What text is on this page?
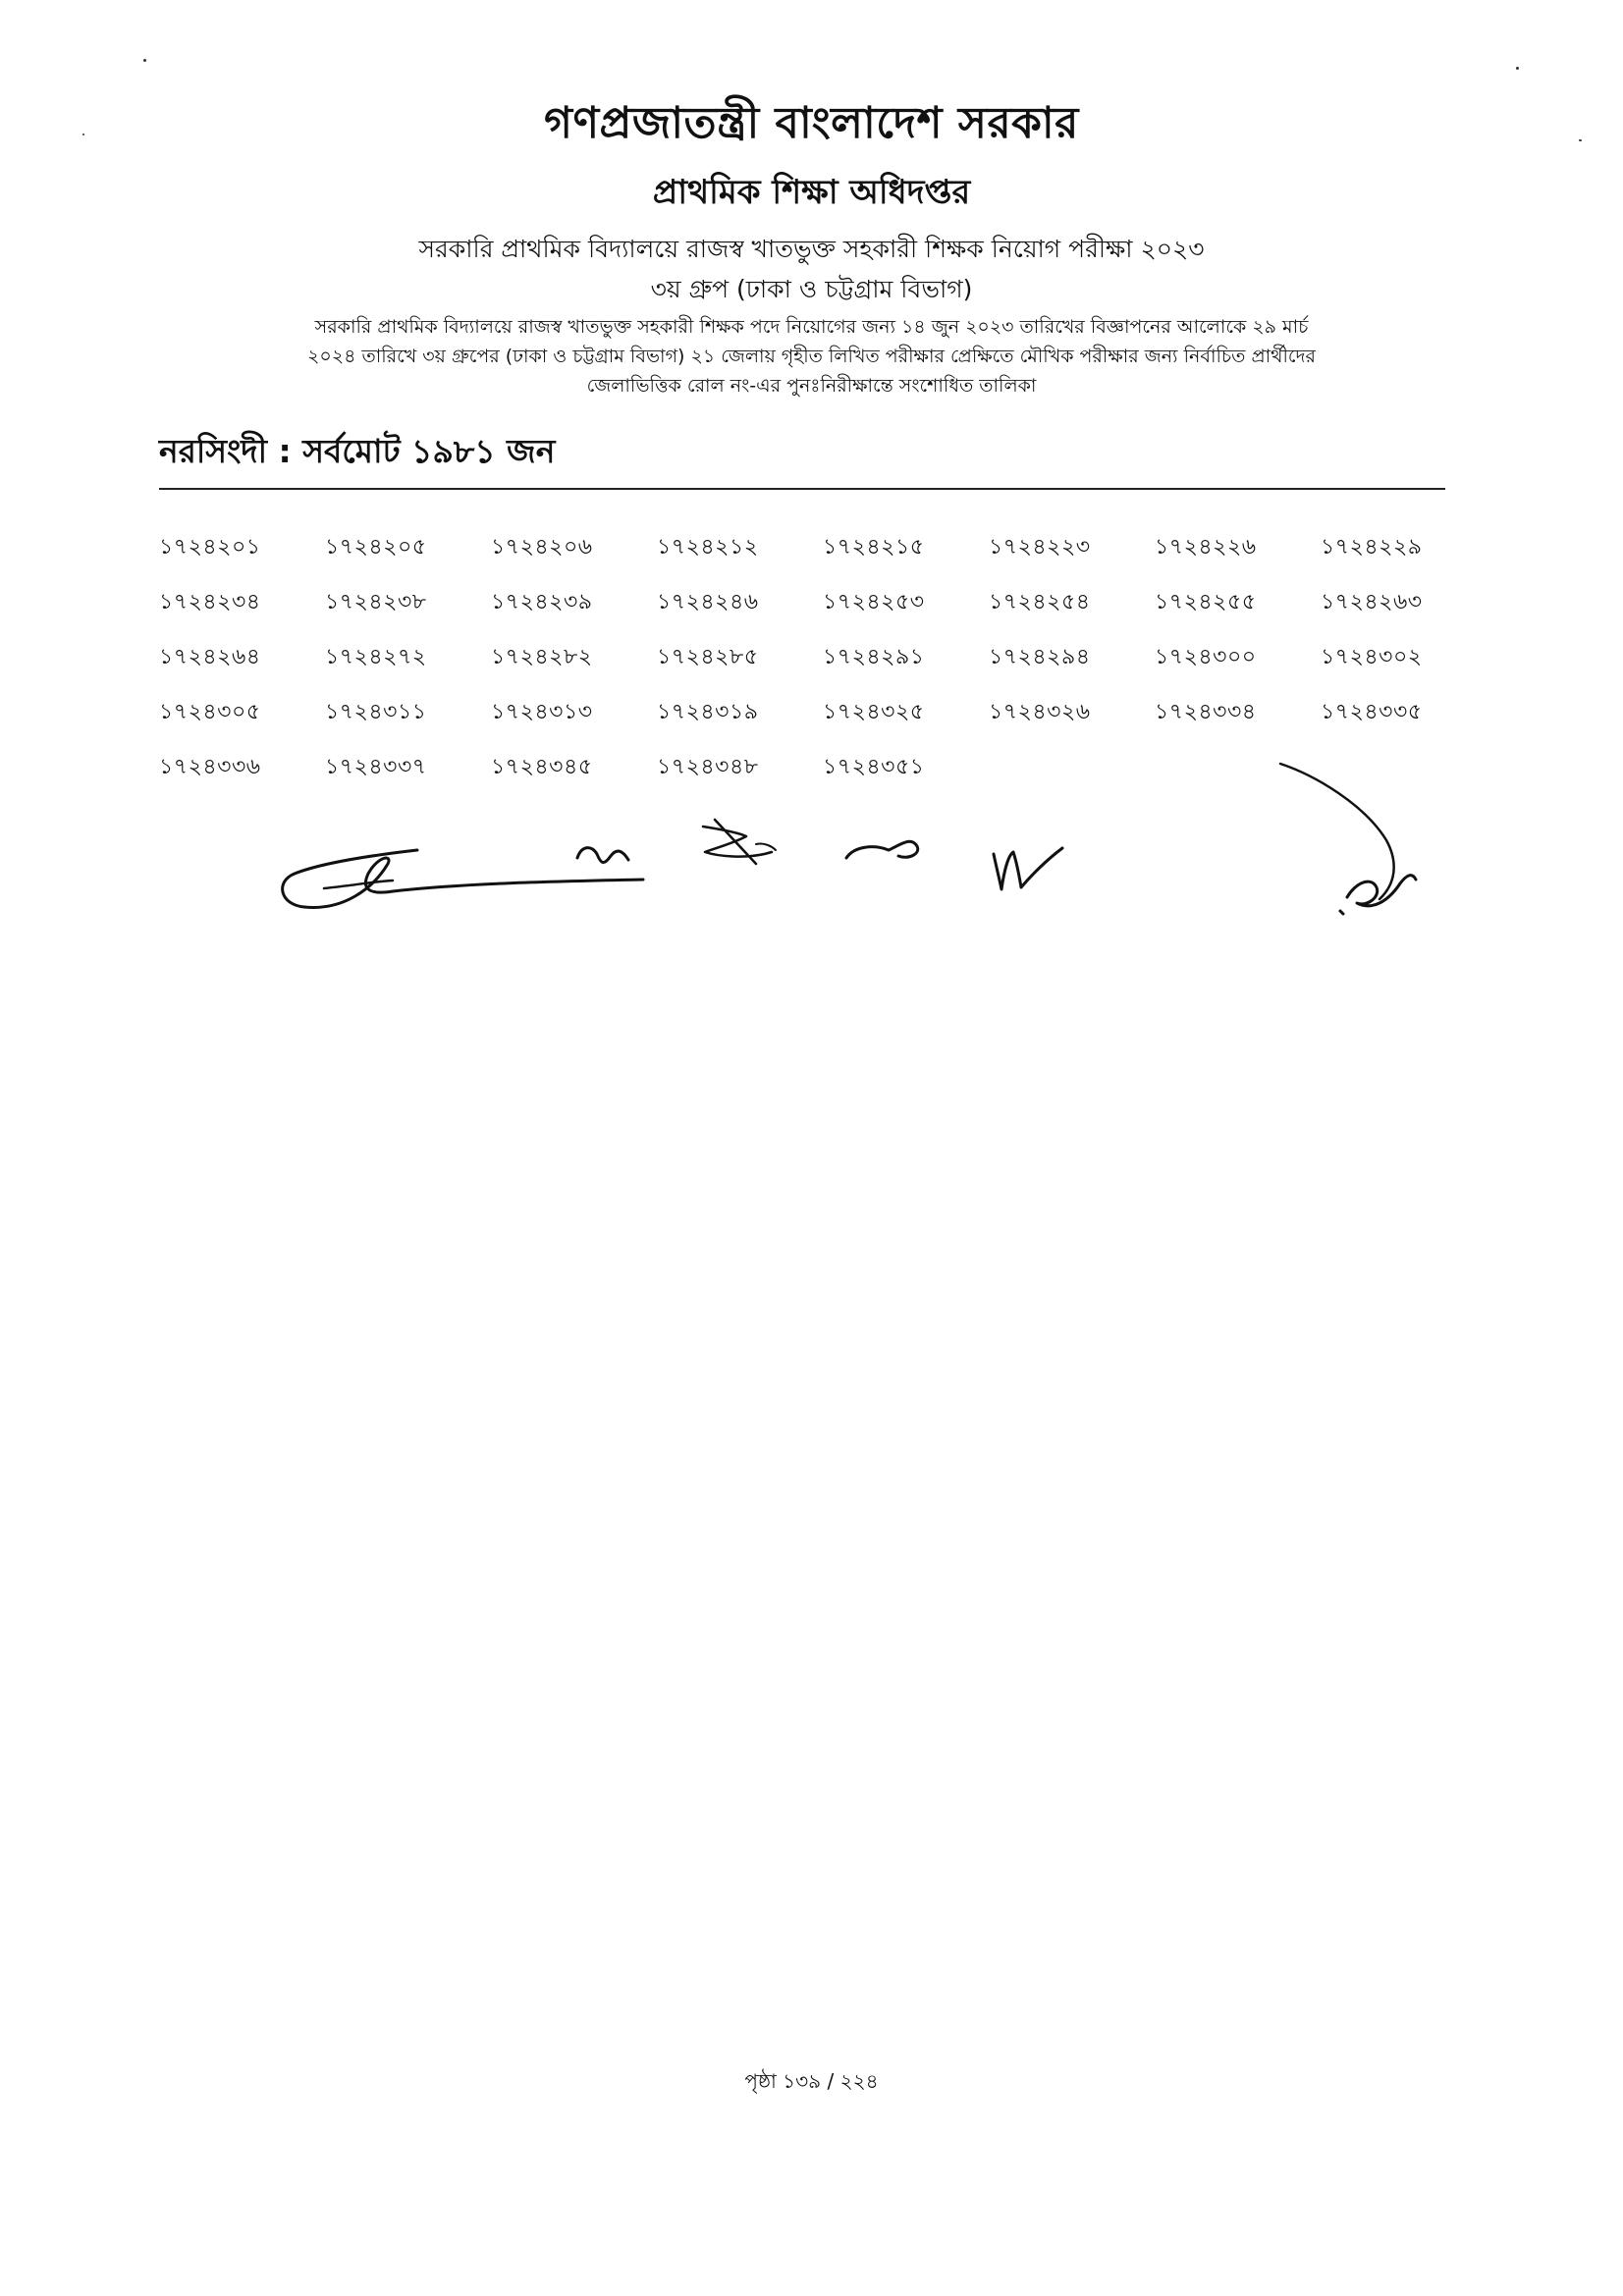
গণপ্রজাতন্ত্রী বাংলাদেশ সরকার
প্রাথমিক শিক্ষা অধিদপ্তর
সরকারি প্রাথমিক বিদ্যালয়ে রাজস্ব খাতভুক্ত সহকারী শিক্ষক নিয়োগ পরীক্ষা ২০২৩
৩য় গ্রুপ (ঢাকা ও চট্টগ্রাম বিভাগ)
সরকারি প্রাথমিক বিদ্যালয়ে রাজস্ব খাতভুক্ত সহকারী শিক্ষক পদে নিয়োগের জন্য ১৪ জুন ২০২৩ তারিখের বিজ্ঞাপনের আলোকে ২৯ মার্চ
২০২৪ তারিখে ৩য় গ্রুপের (ঢাকা ও চট্টগ্রাম বিভাগ) ২১ জেলায় গৃহীত লিখিত পরীক্ষার প্রেক্ষিতে মৌখিক পরীক্ষার জন্য নির্বাচিত প্রার্থীদের
জেলাভিত্তিক রোল নং-এর পুনঃনিরীক্ষান্তে সংশোধিত তালিকা
নরসিংদী : সর্বমোট ১৯৮১ জন
১৭২৪২০১	১৭২৪২০৫	১৭২৪২০৬	১৭২৪২১২	১৭২৪২১৫	১৭২৪২২৩	১৭২৪২২৬	১৭২৪২২৯
১৭২৪২৩৪	১৭২৪২৩৮	১৭২৪২৩৯	১৭২৪২৪৬	১৭২৪২৫৩	১৭২৪২৫৪	১৭২৪২৫৫	১৭২৪২৬৩
১৭২৪২৬৪	১৭২৪২৭২	১৭২৪২৮২	১৭২৪২৮৫	১৭২৪২৯১	১৭২৪২৯৪	১৭২৪৩০০	১৭২৪৩০২
১৭২৪৩০৫	১৭২৪৩১১	১৭২৪৩১৩	১৭২৪৩১৯	১৭২৪৩২৫	১৭২৪৩২৬	১৭২৪৩৩৪	১৭২৪৩৩৫
১৭২৪৩৩৬	১৭২৪৩৩৭	১৭২৪৩৪৫	১৭২৪৩৪৮	১৭২৪৩৫১
পৃষ্ঠা ১৩৯ / ২২৪
